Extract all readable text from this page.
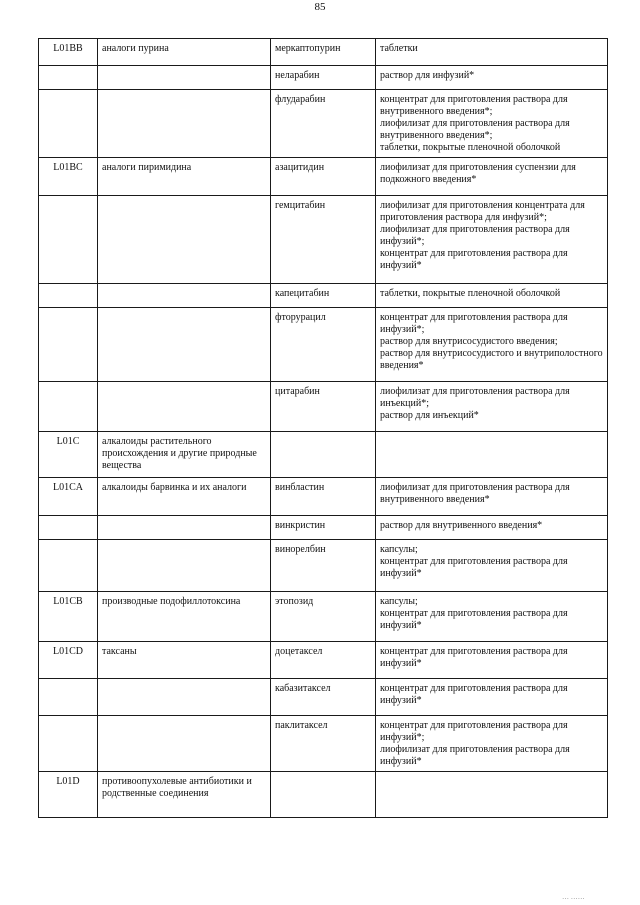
85
L01BB	аналоги пурина	меркаптопурин	таблетки

		неларабин	раствор для инфузий*

		флударабин	концентрат для приготовления раствора для внутривенного введения*;
лиофилизат для приготовления раствора для внутривенного введения*;
таблетки, покрытые пленочной оболочкой

L01BC	аналоги пиримидина	азацитидин	лиофилизат для приготовления суспензии для подкожного введения*

		гемцитабин	лиофилизат для приготовления концентрата для приготовления раствора для инфузий*;
лиофилизат для приготовления раствора для инфузий*;
концентрат для приготовления раствора для инфузий*

		капецитабин	таблетки, покрытые пленочной оболочкой

		фторурацил	концентрат для приготовления раствора для инфузий*;
раствор для внутрисосудистого введения;
раствор для внутрисосудистого и внутриполостного введения*

		цитарабин	лиофилизат для приготовления раствора для инъекций*;
раствор для инъекций*

L01C	алкалоиды растительного происхождения и другие природные вещества		
L01CA	алкалоиды барвинка и их аналоги	винбластин	лиофилизат для приготовления раствора для внутривенного введения*

		винкристин	раствор для внутривенного введения*

		винорелбин	капсулы;
концентрат для приготовления раствора для инфузий*

L01CB	производные подофиллотоксина	этопозид	капсулы;
концентрат для приготовления раствора для инфузий*

L01CD	таксаны	доцетаксел	концентрат для приготовления раствора для инфузий*

		кабазитаксел	концентрат для приготовления раствора для инфузий*

		паклитаксел	концентрат для приготовления раствора для инфузий*;
лиофилизат для приготовления раствора для инфузий*

L01D	противоопухолевые антибиотики и родственные соединения		
… ……
